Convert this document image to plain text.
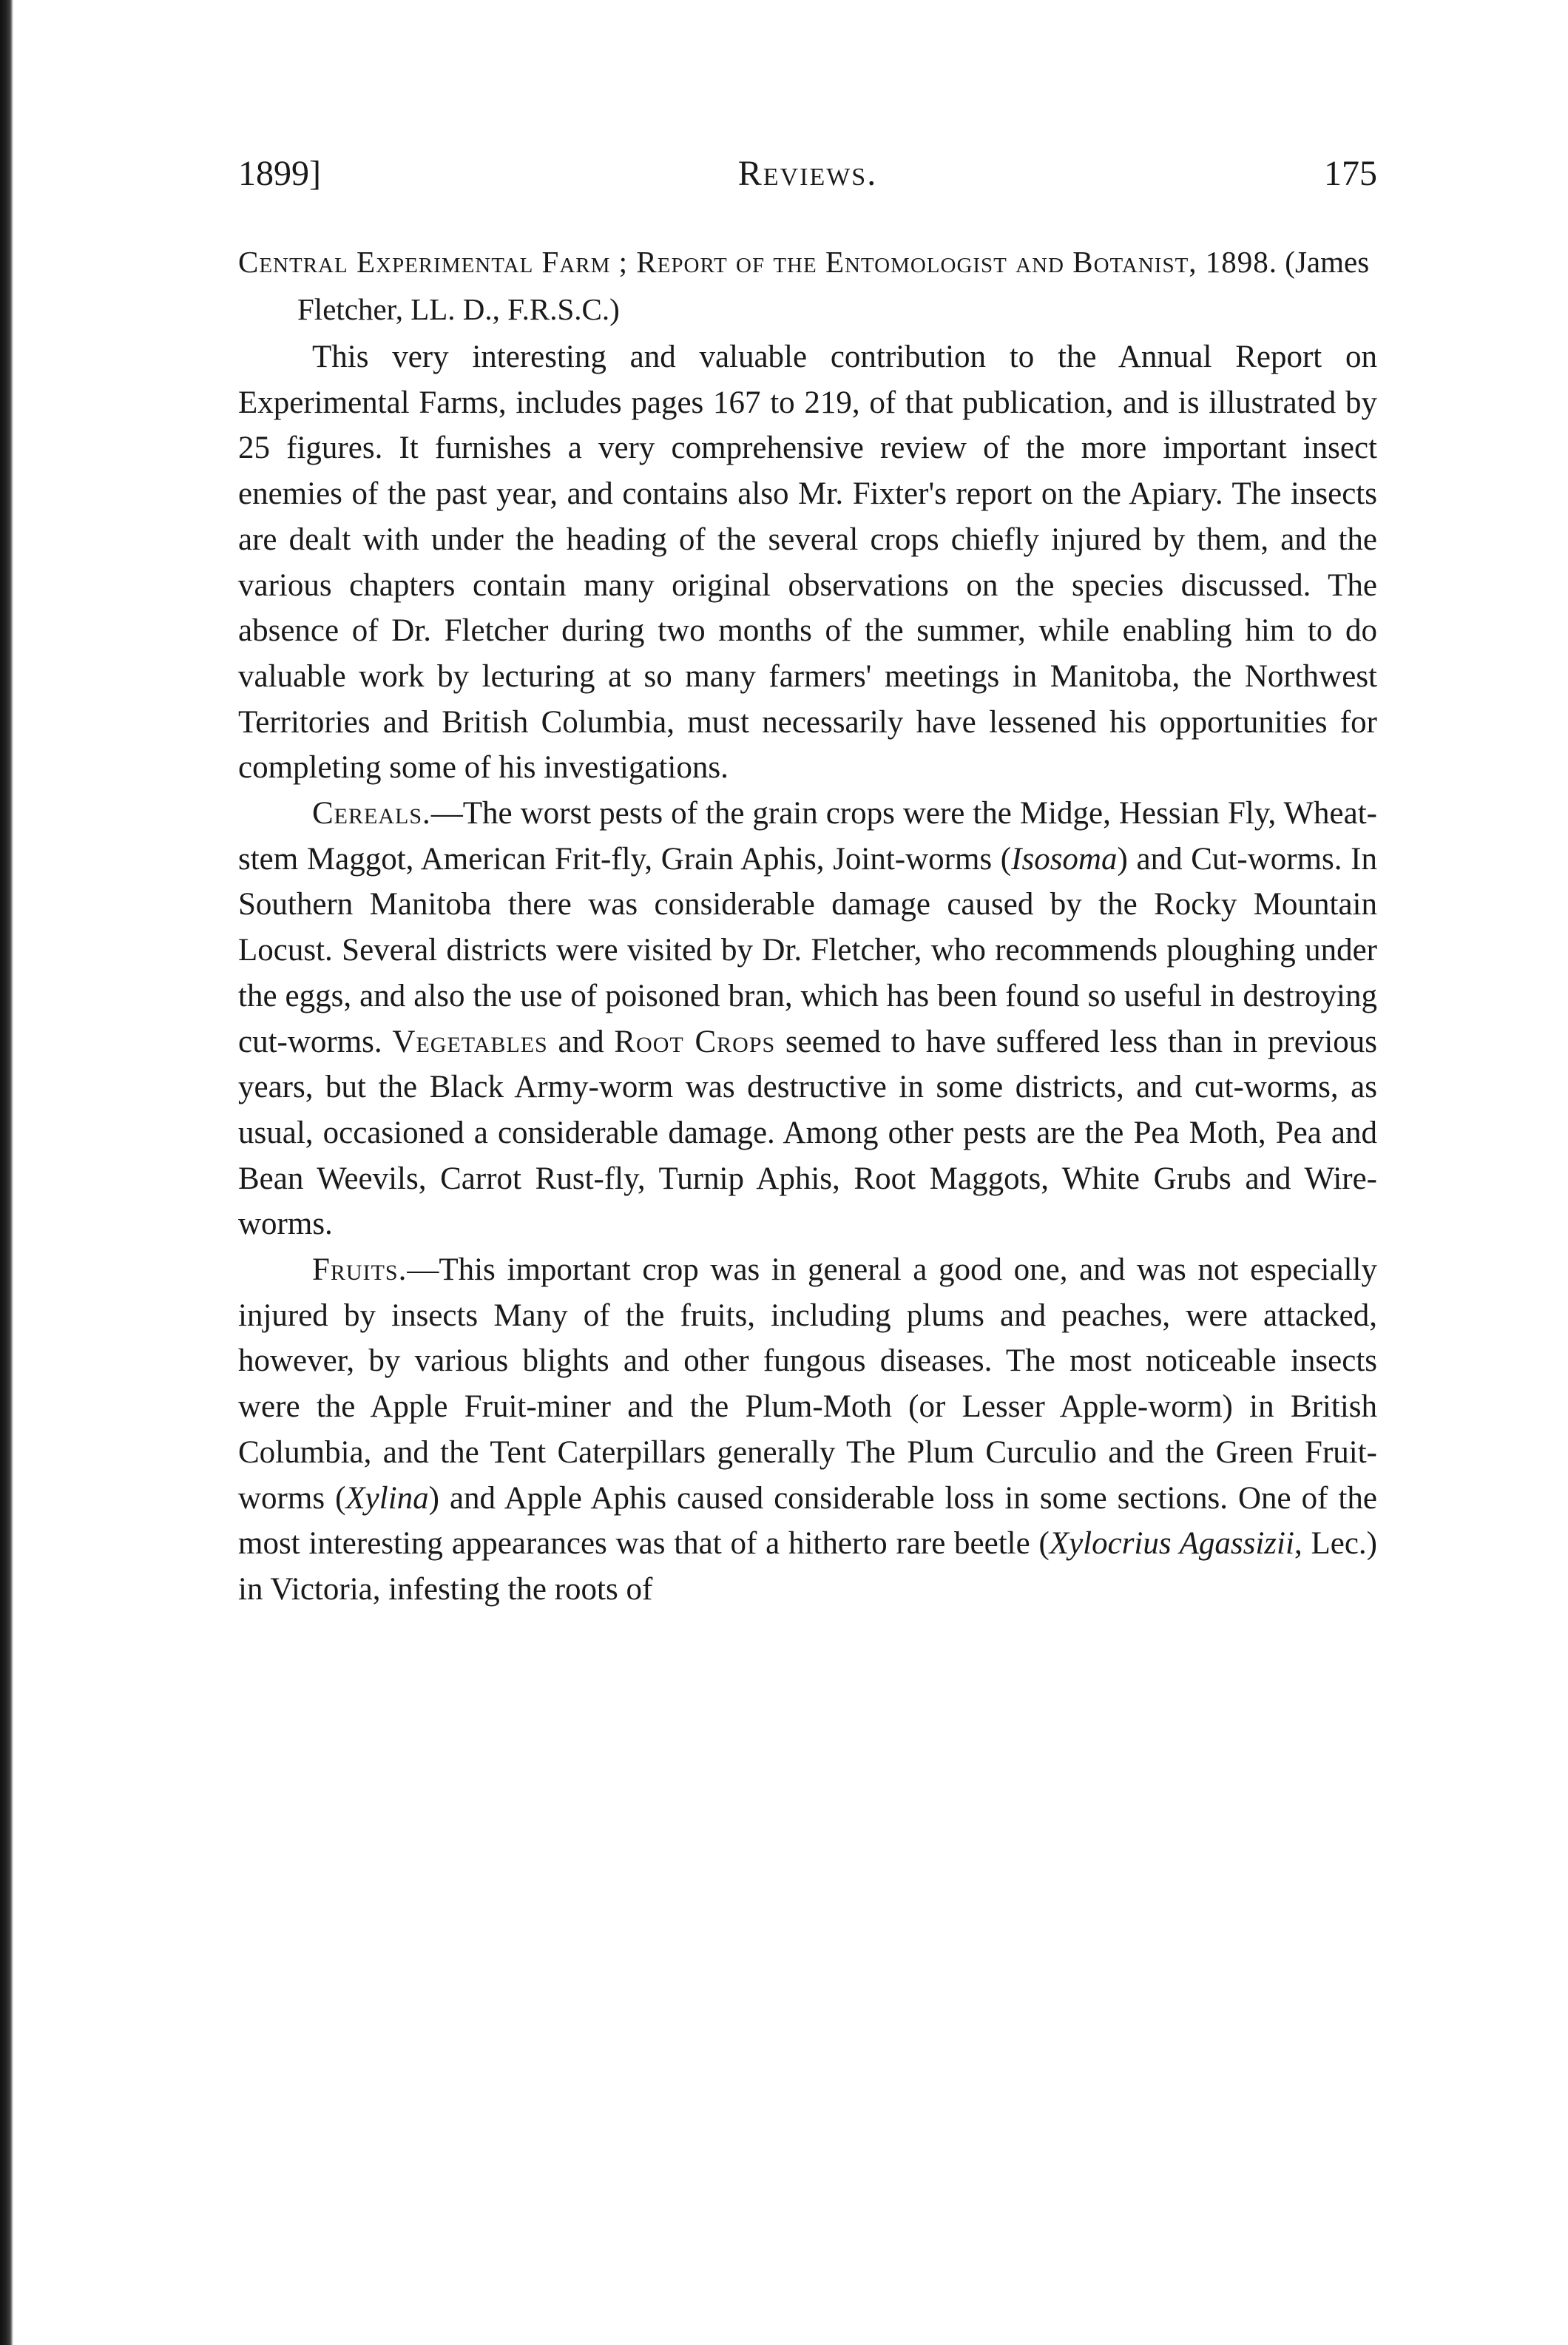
1899]	Reviews.	175
Central Experimental Farm ; Report of the Entomologist and Botanist, 1898. (James Fletcher, LL. D., F.R.S.C.)

This very interesting and valuable contribution to the Annual Report on Experimental Farms, includes pages 167 to 219, of that publication, and is illustrated by 25 figures. It furnishes a very comprehensive review of the more important insect enemies of the past year, and contains also Mr. Fixter's report on the Apiary. The insects are dealt with under the heading of the several crops chiefly injured by them, and the various chapters contain many original observations on the species discussed. The absence of Dr. Fletcher during two months of the summer, while enabling him to do valuable work by lecturing at so many farmers' meetings in Manitoba, the Northwest Territories and British Columbia, must necessarily have lessened his opportunities for completing some of his investigations.

Cereals.—The worst pests of the grain crops were the Midge, Hessian Fly, Wheat-stem Maggot, American Frit-fly, Grain Aphis, Joint-worms (Isosoma) and Cut-worms. In Southern Manitoba there was considerable damage caused by the Rocky Mountain Locust. Several districts were visited by Dr. Fletcher, who recommends ploughing under the eggs, and also the use of poisoned bran, which has been found so useful in destroying cut-worms. Vegetables and Root Crops seemed to have suffered less than in previous years, but the Black Army-worm was destructive in some districts, and cut-worms, as usual, occasioned a considerable damage. Among other pests are the Pea Moth, Pea and Bean Weevils, Carrot Rust-fly, Turnip Aphis, Root Maggots, White Grubs and Wire-worms.

Fruits.—This important crop was in general a good one, and was not especially injured by insects Many of the fruits, including plums and peaches, were attacked, however, by various blights and other fungous diseases. The most noticeable insects were the Apple Fruit-miner and the Plum-Moth (or Lesser Apple-worm) in British Columbia, and the Tent Caterpillars generally The Plum Curculio and the Green Fruit-worms (Xylina) and Apple Aphis caused considerable loss in some sections. One of the most interesting appearances was that of a hitherto rare beetle (Xylocrius Agassizii, Lec.) in Victoria, infesting the roots of
